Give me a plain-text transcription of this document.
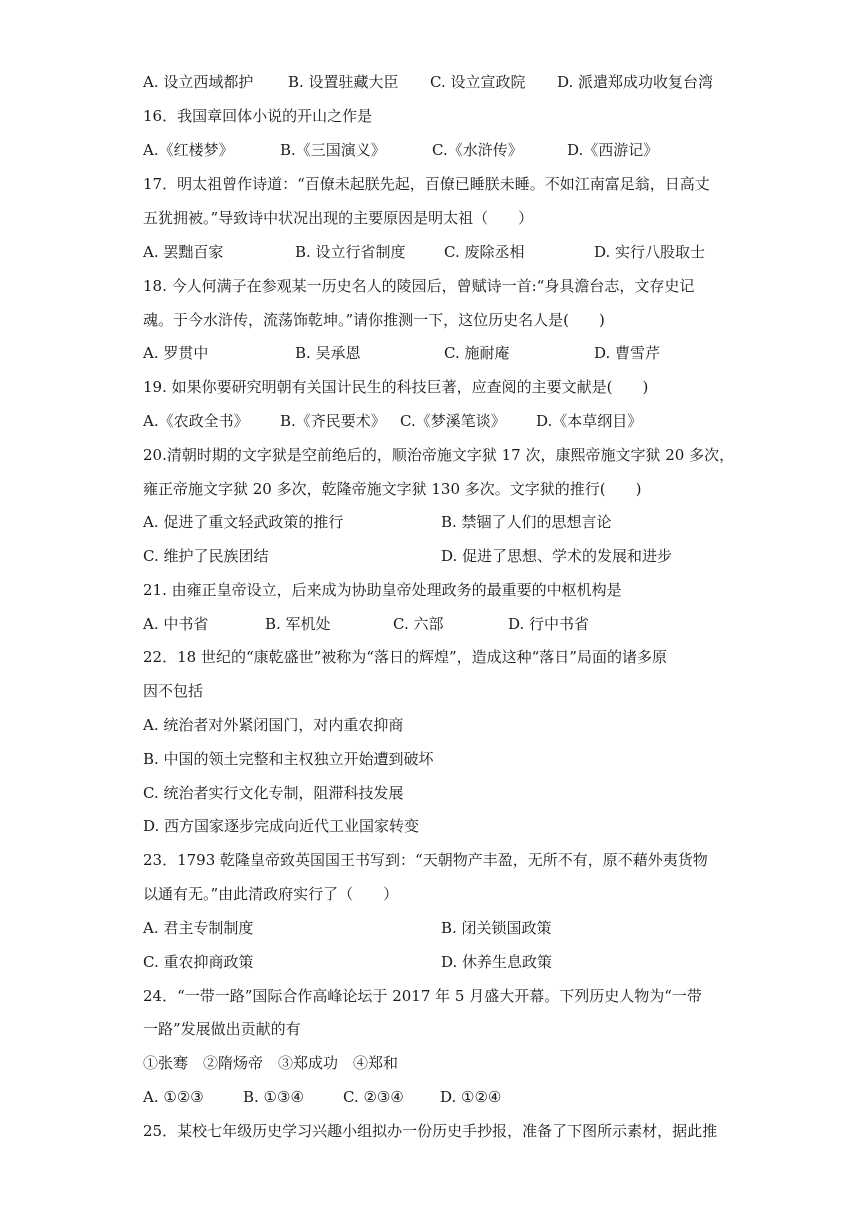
A. 设立西域都护 B. 设置驻藏大臣 C. 设立宣政院 D. 派遣郑成功收复台湾
16．我国章回体小说的开山之作是
A.《红楼梦》	B.《三国演义》	C.《水浒传》	D.《西游记》
17．明太祖曾作诗道：“百僚未起朕先起，百僚已睡朕未睡。不如江南富足翁，日高丈
五犹拥被。”导致诗中状况出现的主要原因是明太祖（　　）
A. 罢黜百家	B. 设立行省制度	C. 废除丞相	D. 实行八股取士
18. 今人何满子在参观某一历史名人的陵园后，曾赋诗一首:“身具澹台志，文存史记
魂。于今水浒传，流荡饰乾坤。”请你推测一下，这位历史名人是(　　)
A. 罗贯中	B. 吴承恩	C. 施耐庵	D. 曹雪芹
19. 如果你要研究明朝有关国计民生的科技巨著，应查阅的主要文献是(　　)
A.《农政全书》 B.《齐民要术》 C.《梦溪笔谈》 D.《本草纲目》
20.清朝时期的文字狱是空前绝后的，顺治帝施文字狱 17 次，康熙帝施文字狱 20 多次，
雍正帝施文字狱 20 多次，乾隆帝施文字狱 130 多次。文字狱的推行(　　)
A. 促进了重文轻武政策的推行	B. 禁锢了人们的思想言论
C. 维护了民族团结	D. 促进了思想、学术的发展和进步
21. 由雍正皇帝设立，后来成为协助皇帝处理政务的最重要的中枢机构是
A. 中书省	B. 军机处	C. 六部	D. 行中书省
22．18 世纪的“康乾盛世”被称为“落日的辉煌”，造成这种“落日”局面的诸多原
因不包括
A. 统治者对外紧闭国门，对内重农抑商
B. 中国的领土完整和主权独立开始遭到破坏
C. 统治者实行文化专制，阻滞科技发展
D. 西方国家逐步完成向近代工业国家转变
23．1793 乾隆皇帝致英国国王书写到：“天朝物产丰盈，无所不有，原不藉外夷货物
以通有无。”由此清政府实行了（　　）
A. 君主专制制度	B. 闭关锁国政策
C. 重农抑商政策	D. 休养生息政策
24．“一带一路”国际合作高峰论坛于 2017 年 5 月盛大开幕。下列历史人物为“一带
一路”发展做出贡献的有
①张骞　②隋炀帝　③郑成功　④郑和
A. ①②③	B. ①③④	C. ②③④ D. ①②④
25．某校七年级历史学习兴趣小组拟办一份历史手抄报，准备了下图所示素材，据此推
